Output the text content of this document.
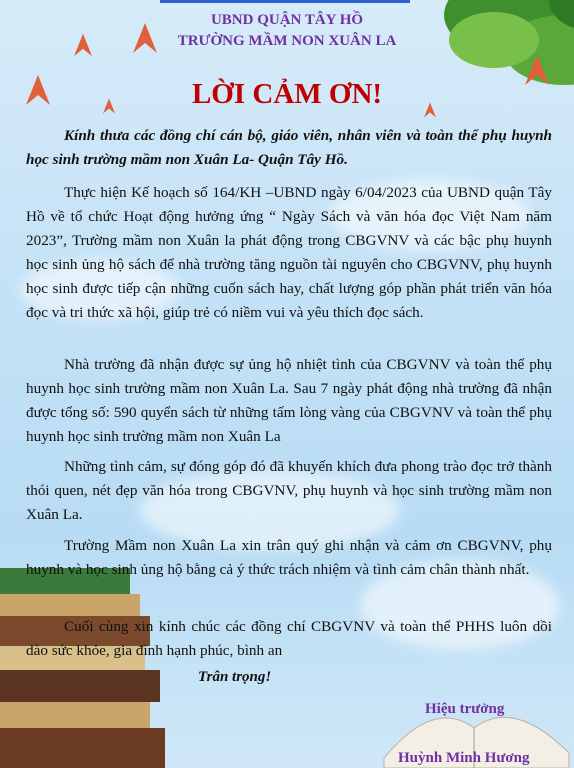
UBND QUẬN TÂY HỒ
TRƯỜNG MẦM NON XUÂN LA
LỜI CẢM ƠN!

Kính thưa các đồng chí cán bộ, giáo viên, nhân viên và toàn thể phụ huynh học sinh trường mầm non Xuân La- Quận Tây Hồ.

Thực hiện Kế hoạch số 164/KH –UBND ngày 6/04/2023 của UBND quận Tây Hồ về tổ chức Hoạt động hưởng ứng “ Ngày Sách và văn hóa đọc Việt Nam năm 2023”, Trường mầm non Xuân la phát động trong CBGVNV và các bậc phụ huynh học sinh ủng hộ sách để nhà trường tăng nguồn tài nguyên cho CBGVNV, phụ huynh học sinh được tiếp cận những cuốn sách hay, chất lượng góp phần phát triển văn hóa đọc và tri thức xã hội, giúp trẻ có niềm vui và yêu thích đọc sách.

Nhà trường đã nhận được sự ủng hộ nhiệt tình của CBGVNV và toàn thể phụ huynh học sinh trường mầm non Xuân La. Sau 7 ngày phát động nhà trường đã nhận được tổng số: 590 quyển sách từ những tấm lòng vàng của CBGVNV và toàn thể phụ huynh học sinh trường mầm non Xuân La

Những tình cảm, sự đóng góp đó đã khuyến khích đưa phong trào đọc trở thành thói quen, nét đẹp văn hóa trong CBGVNV, phụ huynh và học sinh trường mầm non Xuân La.

Trường Mầm non Xuân La xin trân quý ghi nhận và cảm ơn CBGVNV, phụ huynh và học sinh ủng hộ bằng cả ý thức trách nhiệm và tình cảm chân thành nhất.

Cuối cùng xin kính chúc các đồng chí CBGVNV và toàn thể PHHS luôn dồi dào sức khỏe, gia đình hạnh phúc, bình an

Trân trọng!
Hiệu trưởng
Huỳnh Minh Hương
